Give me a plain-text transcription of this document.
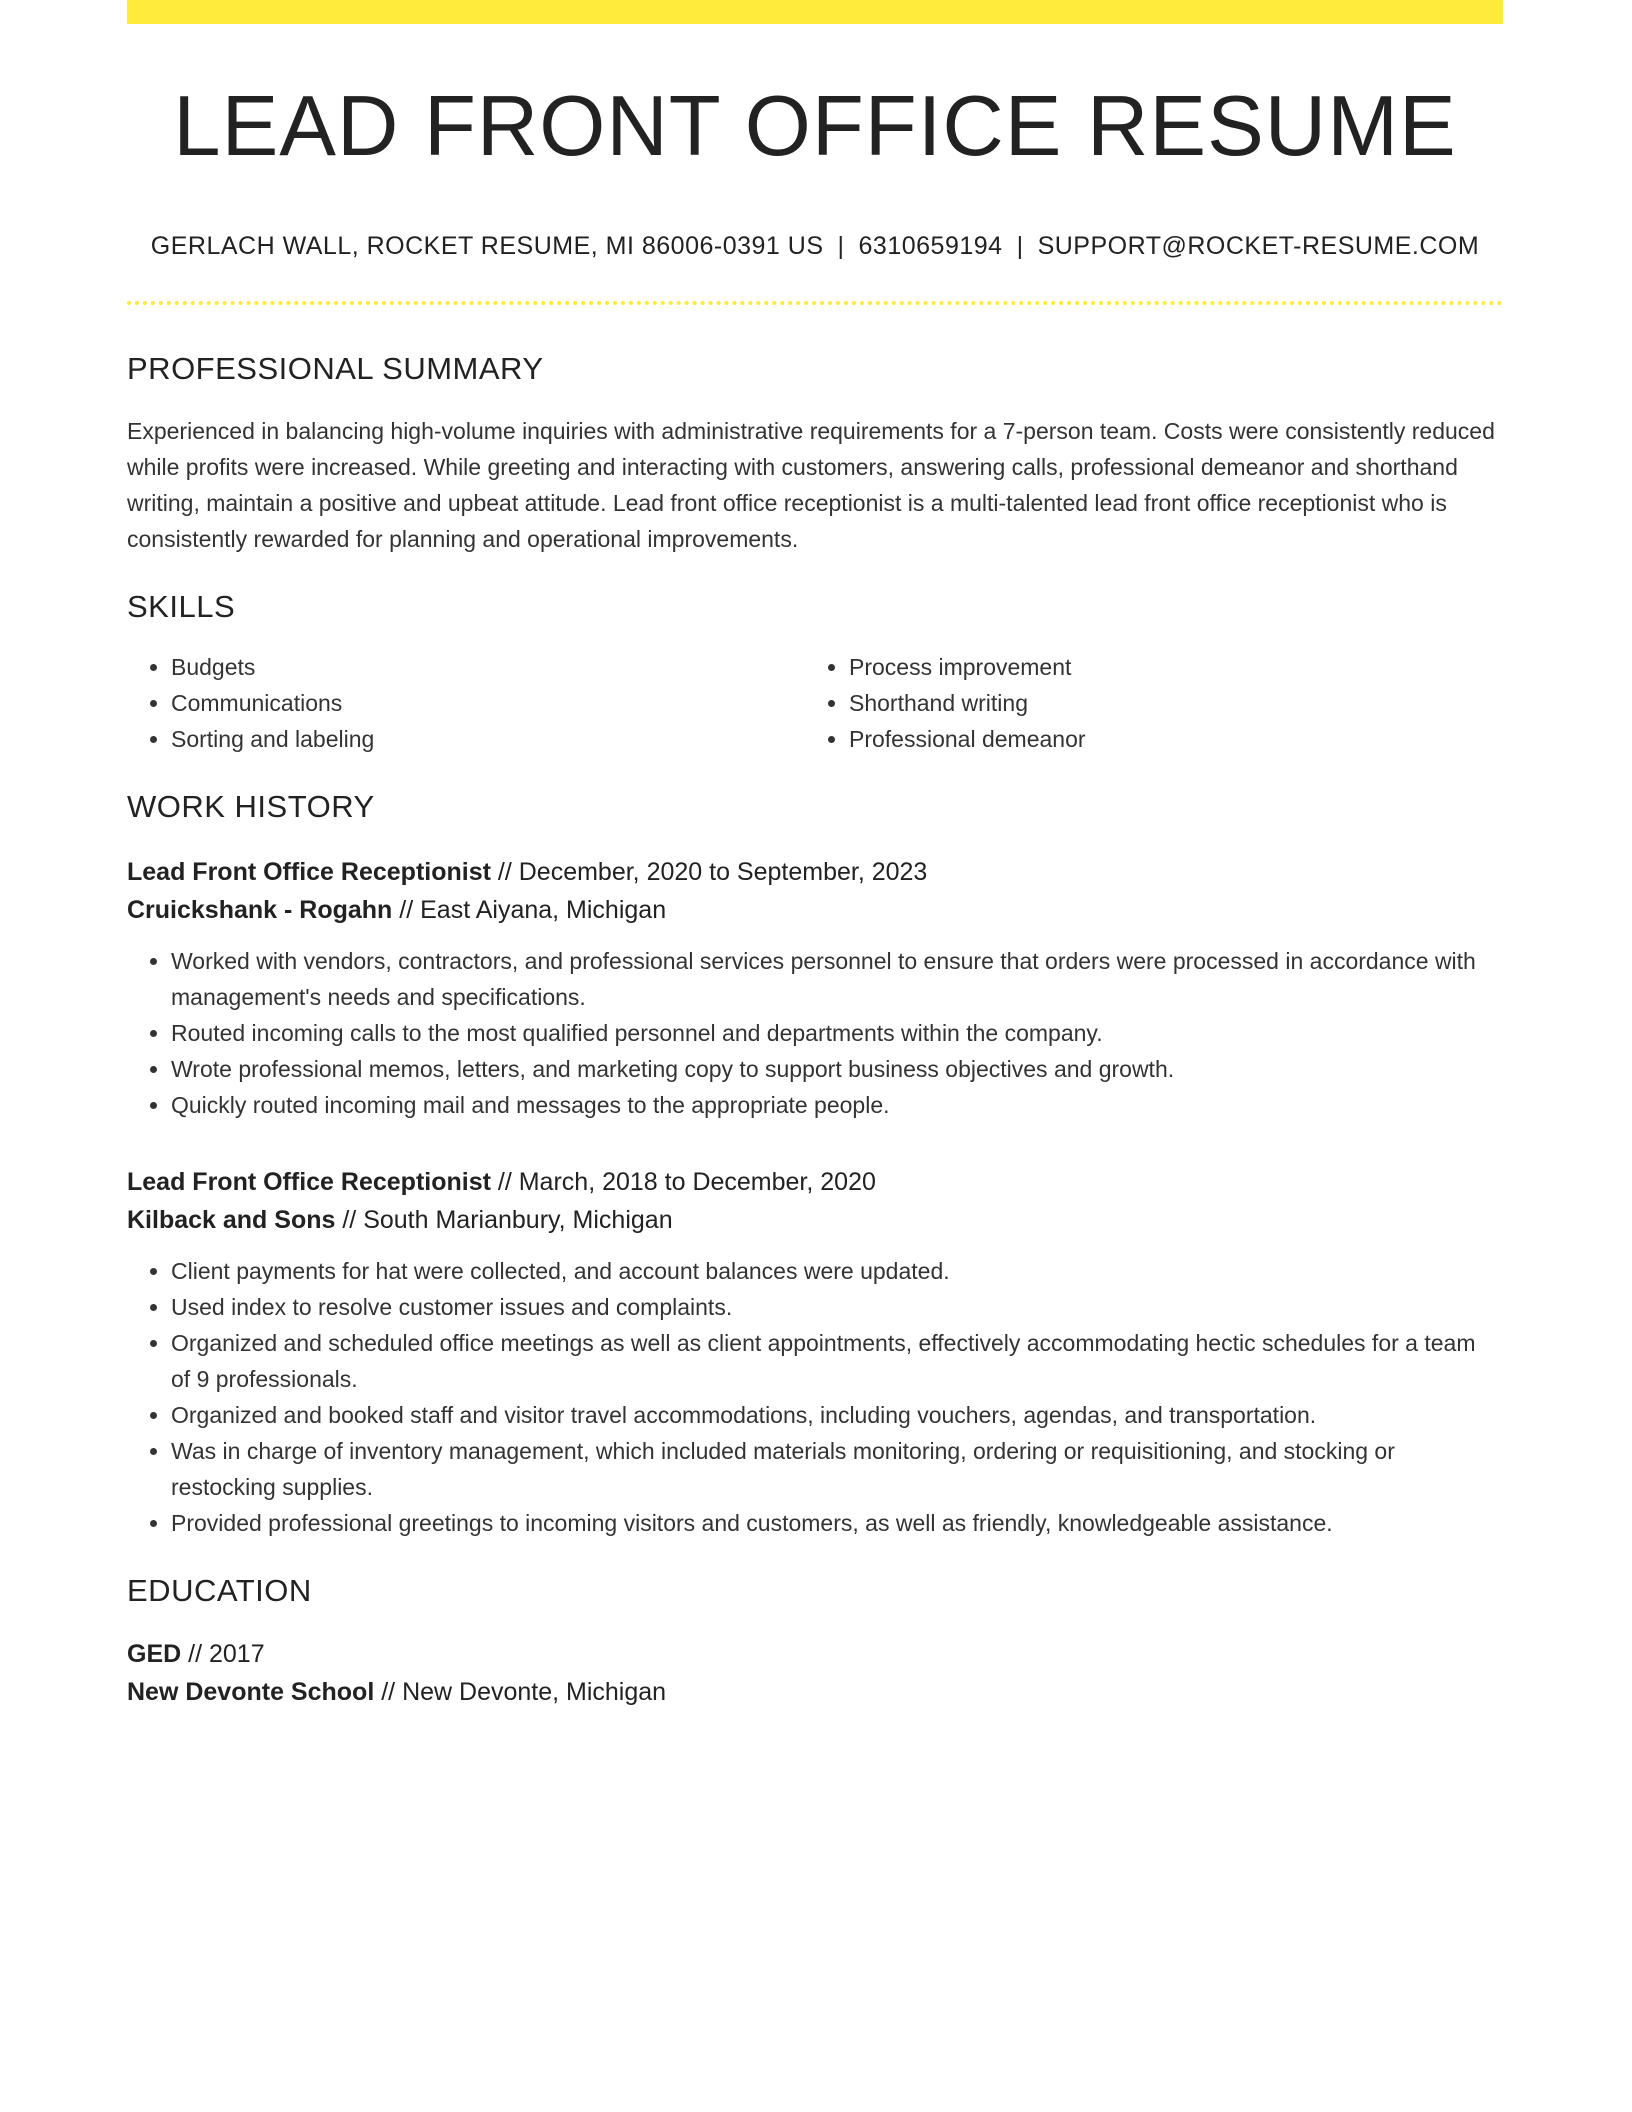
LEAD FRONT OFFICE RESUME
GERLACH WALL, ROCKET RESUME, MI 86006-0391 US | 6310659194 | SUPPORT@ROCKET-RESUME.COM
PROFESSIONAL SUMMARY

Experienced in balancing high-volume inquiries with administrative requirements for a 7-person team. Costs were consistently reduced while profits were increased. While greeting and interacting with customers, answering calls, professional demeanor and shorthand writing, maintain a positive and upbeat attitude. Lead front office receptionist is a multi-talented lead front office receptionist who is consistently rewarded for planning and operational improvements.

SKILLS
• Budgets
• Communications
• Sorting and labeling
• Process improvement
• Shorthand writing
• Professional demeanor
WORK HISTORY
Lead Front Office Receptionist // December, 2020 to September, 2023
Cruickshank - Rogahn // East Aiyana, Michigan
• Worked with vendors, contractors, and professional services personnel to ensure that orders were processed in accordance with management's needs and specifications.
• Routed incoming calls to the most qualified personnel and departments within the company.
• Wrote professional memos, letters, and marketing copy to support business objectives and growth.
• Quickly routed incoming mail and messages to the appropriate people.
Lead Front Office Receptionist // March, 2018 to December, 2020
Kilback and Sons // South Marianbury, Michigan
• Client payments for hat were collected, and account balances were updated.
• Used index to resolve customer issues and complaints.
• Organized and scheduled office meetings as well as client appointments, effectively accommodating hectic schedules for a team of 9 professionals.
• Organized and booked staff and visitor travel accommodations, including vouchers, agendas, and transportation.
• Was in charge of inventory management, which included materials monitoring, ordering or requisitioning, and stocking or restocking supplies.
• Provided professional greetings to incoming visitors and customers, as well as friendly, knowledgeable assistance.
EDUCATION
GED // 2017
New Devonte School // New Devonte, Michigan
